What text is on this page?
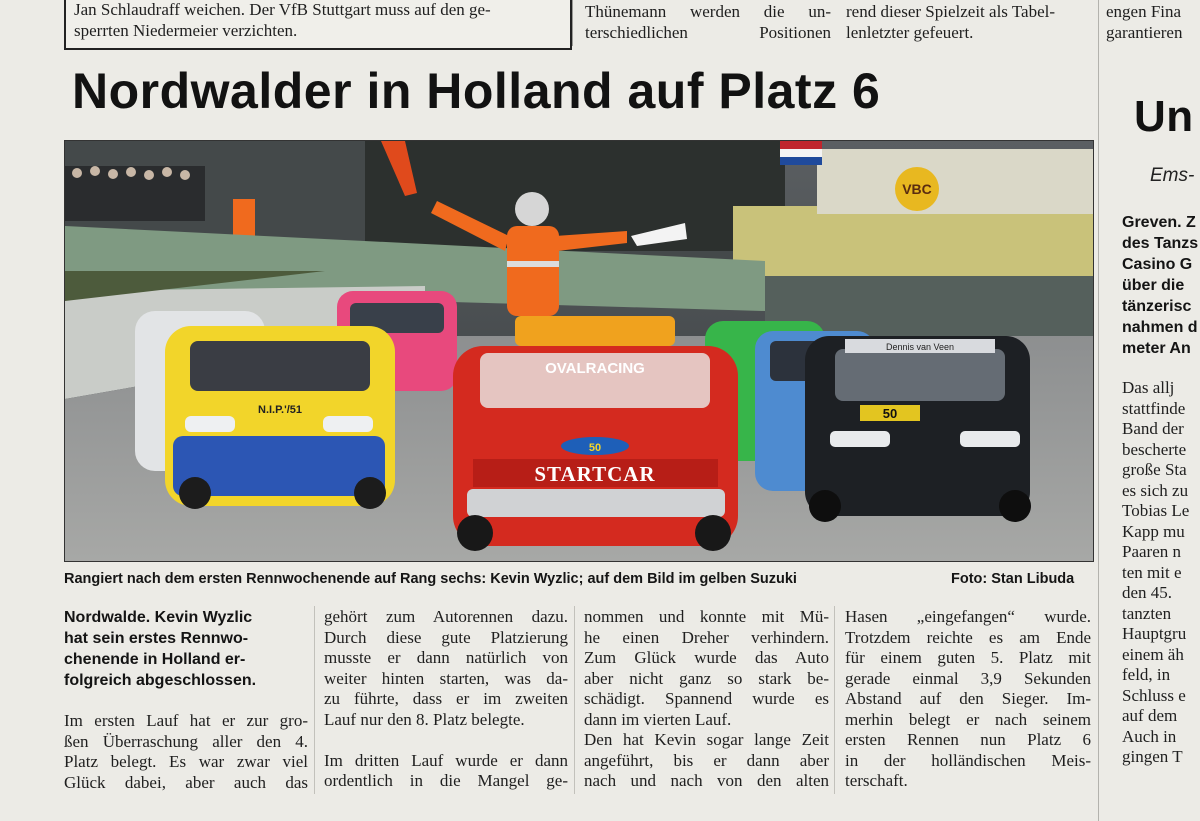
Jan Schlaudraff weichen. Der VfB Stuttgart muss auf den ge-
sperrten Niedermeier verzichten.
Thünemann werden die un-
terschiedlichen Positionen
rend dieser Spielzeit als Tabel-
lenletzter gefeuert.
engen Fina
garantieren
Nordwalder in Holland auf Platz 6
VBC
N.I.P.'/51
Dennis van Veen
50
OVALRACING
50
STARTCAR
Rangiert nach dem ersten Rennwochenende auf Rang sechs: Kevin Wyzlic; auf dem Bild im gelben Suzuki	Foto: Stan Libuda
Nordwalde. Kevin Wyzlic
hat sein erstes Rennwo-
chenende in Holland er-
folgreich abgeschlossen.
Im ersten Lauf hat er zur gro-
ßen Überraschung aller den 4.
Platz belegt. Es war zwar viel
Glück dabei, aber auch das
gehört zum Autorennen dazu.
Durch diese gute Platzierung
musste er dann natürlich von
weiter hinten starten, was da-
zu führte, dass er im zweiten
Lauf nur den 8. Platz belegte.
Im dritten Lauf wurde er dann
ordentlich in die Mangel ge-
nommen und konnte mit Mü-
he einen Dreher verhindern.
Zum Glück wurde das Auto
aber nicht ganz so stark be-
schädigt. Spannend wurde es
dann im vierten Lauf.
Den hat Kevin sogar lange Zeit
angeführt, bis er dann aber
nach und nach von den alten
Hasen „eingefangen“ wurde.
Trotzdem reichte es am Ende
für einem guten 5. Platz mit
gerade einmal 3,9 Sekunden
Abstand auf den Sieger. Im-
merhin belegt er nach seinem
ersten Rennen nun Platz 6
in der holländischen Meis-
terschaft.
Un
Ems-
Greven. Z
des Tanzs
Casino G
über die
tänzerisc
nahmen d
meter An
Das allj
stattfinde
Band der
bescherte
große Sta
es sich zu
Tobias Le
Kapp mu
Paaren n
ten mit e
den 45.
tanzten
Hauptgru
einem äh
feld, in
Schluss e
auf dem
Auch in
gingen T
